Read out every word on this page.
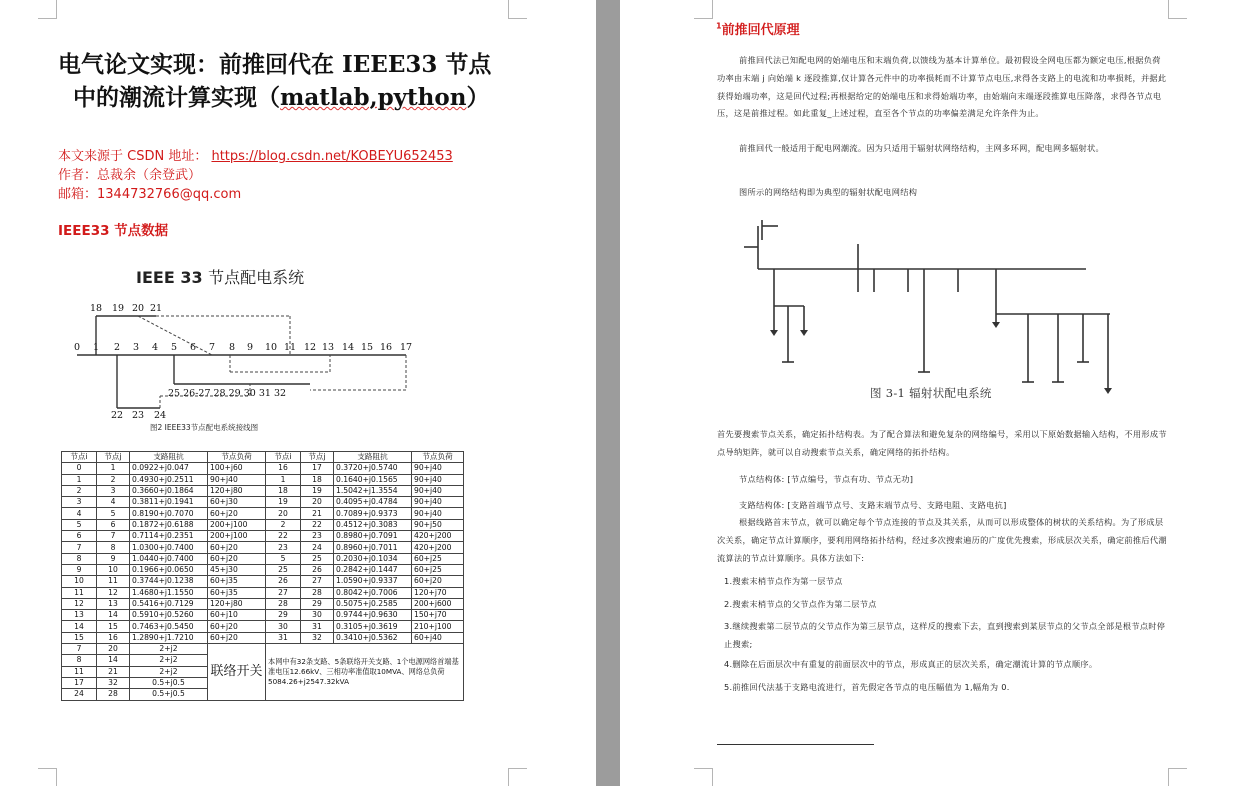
电气论文实现：前推回代在 IEEE33 节点
中的潮流计算实现（matlab,python）
本文来源于 CSDN 地址： https://blog.csdn.net/KOBEYU652453
作者：总裁余（余登武）
邮箱：1344732766@qq.com
IEEE33 节点数据
IEEE 33 节点配电系统
0 1 2 3 4 5 6 7 8 9 10 11 12 13 14 15 16 17
18 19 20 21
22 23 24
25 26-27 28 29 30 31 32
图2 IEEE33节点配电系统接线图
节点i	节点j	支路阻抗	节点负荷	节点i	节点j	支路阻抗	节点负荷
0	1	0.0922+j0.047	100+j60	16	17	0.3720+j0.5740	90+j40
1	2	0.4930+j0.2511	90+j40	1	18	0.1640+j0.1565	90+j40
2	3	0.3660+j0.1864	120+j80	18	19	1.5042+j1.3554	90+j40
3	4	0.3811+j0.1941	60+j30	19	20	0.4095+j0.4784	90+j40
4	5	0.8190+j0.7070	60+j20	20	21	0.7089+j0.9373	90+j40
5	6	0.1872+j0.6188	200+j100	2	22	0.4512+j0.3083	90+j50
6	7	0.7114+j0.2351	200+j100	22	23	0.8980+j0.7091	420+j200
7	8	1.0300+j0.7400	60+j20	23	24	0.8960+j0.7011	420+j200
8	9	1.0440+j0.7400	60+j20	5	25	0.2030+j0.1034	60+j25
9	10	0.1966+j0.0650	45+j30	25	26	0.2842+j0.1447	60+j25
10	11	0.3744+j0.1238	60+j35	26	27	1.0590+j0.9337	60+j20
11	12	1.4680+j1.1550	60+j35	27	28	0.8042+j0.7006	120+j70
12	13	0.5416+j0.7129	120+j80	28	29	0.5075+j0.2585	200+j600
13	14	0.5910+j0.5260	60+j10	29	30	0.9744+j0.9630	150+j70
14	15	0.7463+j0.5450	60+j20	30	31	0.3105+j0.3619	210+j100
15	16	1.2890+j1.7210	60+j20	31	32	0.3410+j0.5362	60+j40
7	20	2+j2	联络开关	本网中有32条支路、5条联络开关支路、1个电源网络首端基准电压12.66kV、三相功率准值取10MVA、网络总负荷5084.26+j2547.32kVA			
8	14	2+j2					
11	21	2+j2					
17	32	0.5+j0.5					
24	28	0.5+j0.5					
$^1$前推回代原理
前推回代法已知配电网的始端电压和末端负荷,以馈线为基本计算单位。最初假设全网电压都为额定电压,根据负荷功率由末端 j 向始端 k 逐段推算,仅计算各元件中的功率损耗而不计算节点电压,求得各支路上的电流和功率损耗，并据此获得始端功率，这是回代过程;再根据给定的始端电压和求得始端功率，由始端向末端逐段推算电压降落，求得各节点电压，这是前推过程。如此重复_上述过程，直至各个节点的功率偏差满足允许条件为止。
前推回代一般适用于配电网潮流。因为只适用于辐射状网络结构，主网多环网，配电网多辐射状。
图所示的网络结构即为典型的辐射状配电网结构
图 3-1 辐射状配电系统
首先要搜索节点关系，确定拓扑结构表。为了配合算法和避免复杂的网络编号，采用以下原始数据输入结构，不用形成节点导纳矩阵，就可以自动搜索节点关系，确定网络的拓扑结构。
节点结构体: [节点编号，节点有功、节点无功]
支路结构体: [支路首端节点号、支路末端节点号、支路电阻、支路电抗]
根据线路首末节点，就可以确定每个节点连接的节点及其关系，从而可以形成整体的树状的关系结构。为了形成层次关系，确定节点计算顺序，要利用网络拓扑结构，经过多次搜索遍历的广度优先搜索，形成层次关系，确定前推后代潮流算法的节点计算顺序。具体方法如下:
1.搜索末梢节点作为第一层节点
2.搜索末梢节点的父节点作为第二层节点
3.继续搜索第二层节点的父节点作为第三层节点，这样反的搜索下去，直到搜索到某层节点的父节点全部是根节点时停止搜索;
4.删除在后面层次中有重复的前面层次中的节点，形成真正的层次关系，确定潮流计算的节点顺序。
5.前推回代法基于支路电流进行，首先假定各节点的电压幅值为 1,幅角为 0.
